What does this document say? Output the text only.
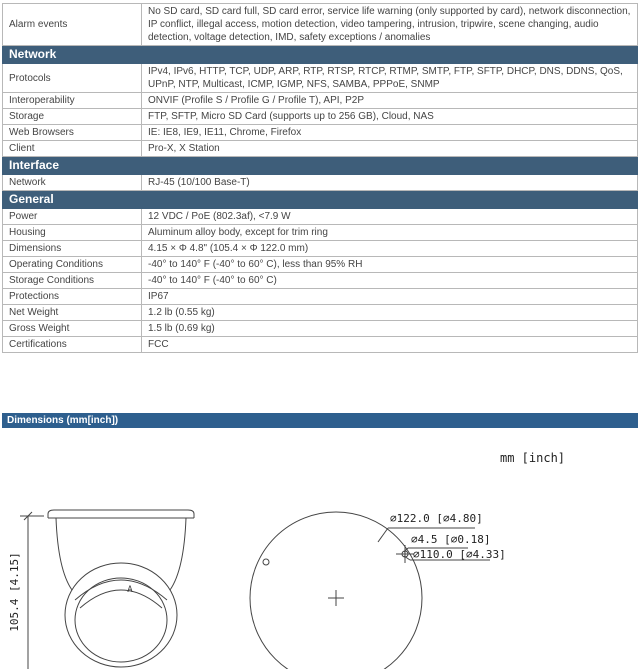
Alarm events	No SD card, SD card full, SD card error, service life warning (only supported by card), network disconnection, IP conflict, illegal access, motion detection, video tampering, intrusion, tripwire, scene changing, audio detection, voltage detection, IMD, safety exceptions / anomalies
Network	
Protocols	IPv4, IPv6, HTTP, TCP, UDP, ARP, RTP, RTSP, RTCP, RTMP, SMTP, FTP, SFTP, DHCP, DNS, DDNS, QoS, UPnP, NTP, Multicast, ICMP, IGMP, NFS, SAMBA, PPPoE, SNMP
Interoperability	ONVIF (Profile S / Profile G / Profile T), API, P2P
Storage	FTP, SFTP, Micro SD Card (supports up to 256 GB), Cloud, NAS
Web Browsers	IE: IE8, IE9, IE11, Chrome, Firefox
Client	Pro-X, X Station
Interface	
Network	RJ-45 (10/100 Base-T)
General	
Power	12 VDC / PoE (802.3af), <7.9 W
Housing	Aluminum alloy body, except for trim ring
Dimensions	4.15 × Φ 4.8" (105.4 × Φ 122.0 mm)
Operating Conditions	-40° to 140° F (-40° to 60° C), less than 95% RH
Storage Conditions	-40° to 140° F (-40° to 60° C)
Protections	IP67
Net Weight	1.2 lb (0.55 kg)
Gross Weight	1.5 lb (0.69 kg)
Certifications	FCC
Dimensions (mm[inch])
mm [inch]
A
105.4 [4.15]
⌀122.0 [⌀4.80]
⌀4.5 [⌀0.18]
⌀110.0 [⌀4.33]
